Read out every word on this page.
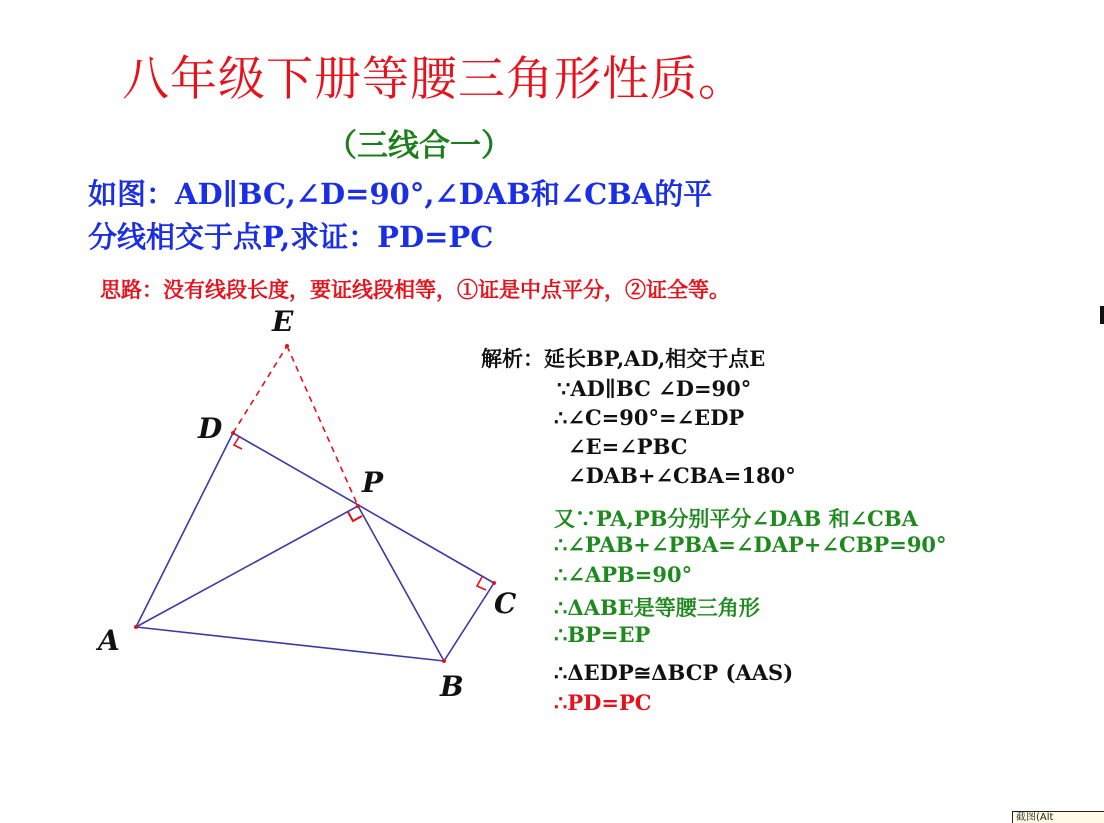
八年级下册等腰三角形性质。
（三线合一）
如图：AD∥BC,∠D=90°,∠DAB和∠CBA的平
分线相交于点P,求证：PD=PC
思路：没有线段长度，要证线段相等，①证是中点平分，②证全等。
E
D
P
C
A
B
解析：延长BP,AD,相交于点E
∵AD∥BC ∠D=90°
∴∠C=90°=∠EDP
∠E=∠PBC
∠DAB+∠CBA=180°
又∵PA,PB分别平分∠DAB 和∠CBA
∴∠PAB+∠PBA=∠DAP+∠CBP=90°
∴∠APB=90°
∴ΔABE是等腰三角形
∴BP=EP
∴ΔEDP≅ΔBCP (AAS)
∴PD=PC
截图(Alt
